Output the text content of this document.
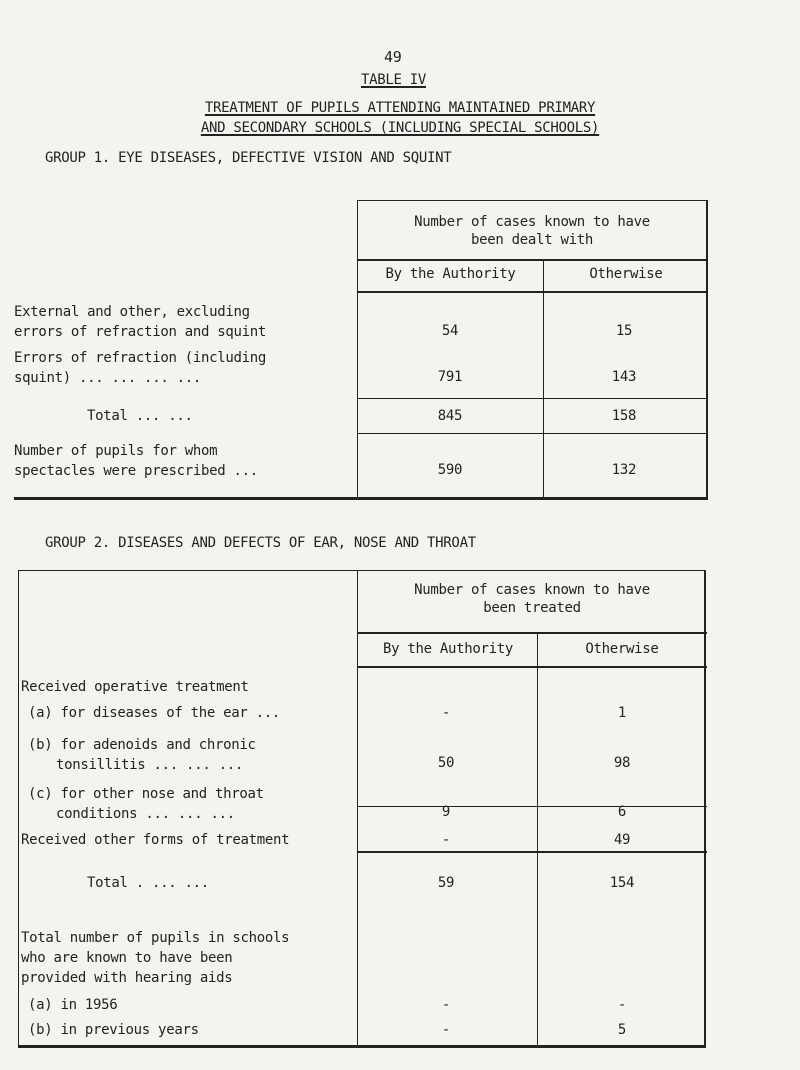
49
TABLE IV
TREATMENT OF PUPILS ATTENDING MAINTAINED PRIMARY
AND SECONDARY SCHOOLS (INCLUDING SPECIAL SCHOOLS)
GROUP 1. EYE DISEASES, DEFECTIVE VISION AND SQUINT
Number of cases known to have
been dealt with
By the Authority	Otherwise
External and other, excluding
errors of refraction and squint	54	15
Errors of refraction (including
squint) ... ... ... ...	791	143
Total ... ...	845	158
Number of pupils for whom
spectacles were prescribed ...	590	132
GROUP 2. DISEASES AND DEFECTS OF EAR, NOSE AND THROAT
Number of cases known to have
been treated
By the Authority	Otherwise
Received operative treatment
(a) for diseases of the ear ...	-	1
(b) for adenoids and chronic
tonsillitis ... ... ...	50	98
(c) for other nose and throat
conditions ... ... ...	9	6
Received other forms of treatment	-	49
Total . ... ...	59	154
Total number of pupils in schools
who are known to have been
provided with hearing aids
(a) in 1956	-	-
(b) in previous years	-	5
